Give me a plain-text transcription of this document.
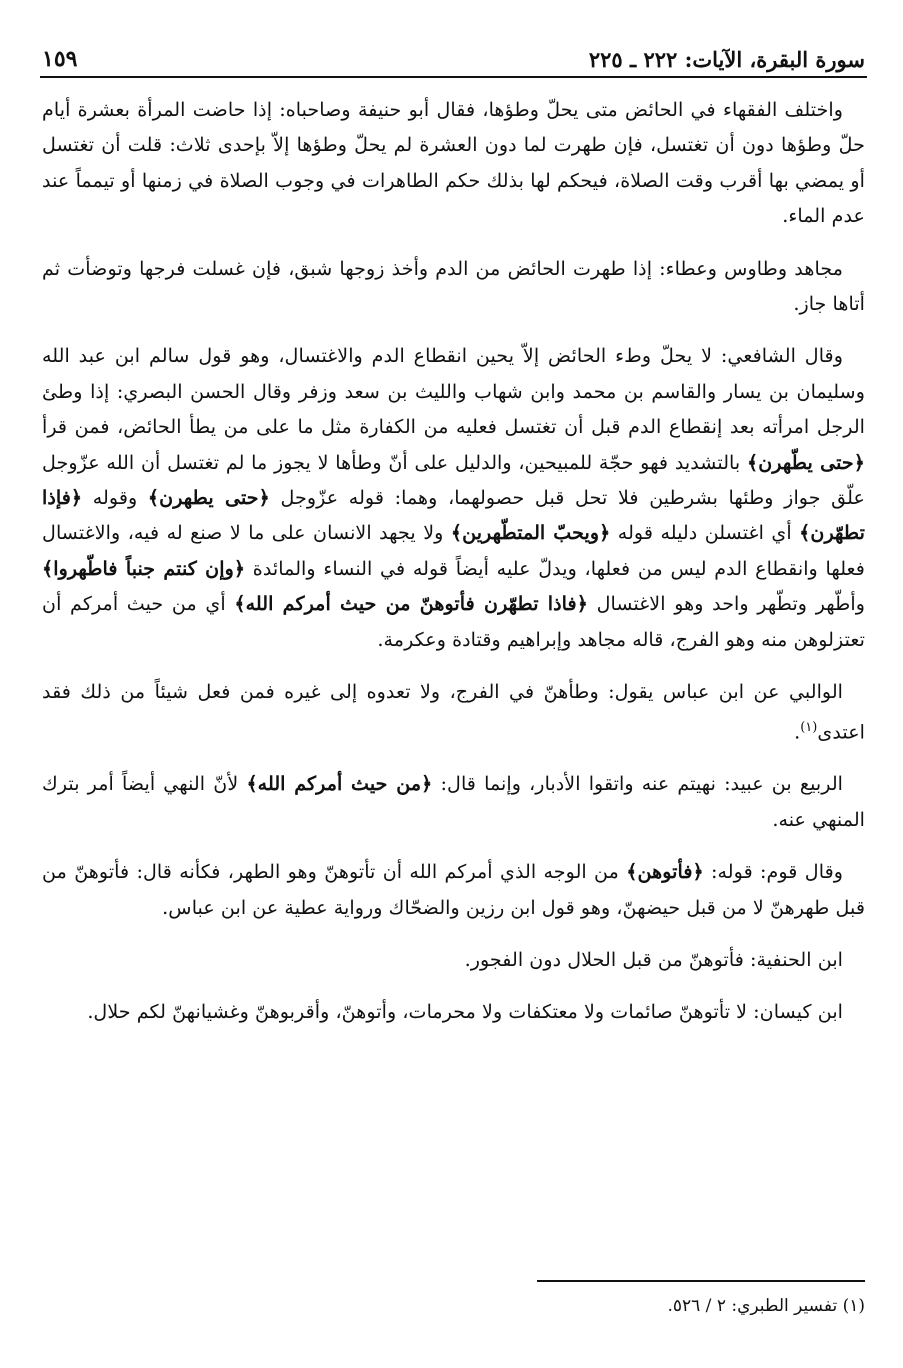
سورة البقرة، الآيات: ٢٢٢ ـ ٢٢٥
١٥٩

واختلف الفقهاء في الحائض متى يحلّ وطؤها، فقال أبو حنيفة وصاحباه: إذا حاضت المرأة بعشرة أيام حلّ وطؤها دون أن تغتسل، فإن طهرت لما دون العشرة لم يحلّ وطؤها إلاّ بإحدى ثلاث: قلت أن تغتسل أو يمضي بها أقرب وقت الصلاة، فيحكم لها بذلك حكم الطاهرات في وجوب الصلاة في زمنها أو تيمماً عند عدم الماء.

مجاهد وطاوس وعطاء: إذا طهرت الحائض من الدم وأخذ زوجها شبق، فإن غسلت فرجها وتوضأت ثم أتاها جاز.

وقال الشافعي: لا يحلّ وطء الحائض إلاّ يحين انقطاع الدم والاغتسال، وهو قول سالم ابن عبد الله وسليمان بن يسار والقاسم بن محمد وابن شهاب والليث بن سعد وزفر وقال الحسن البصري: إذا وطئ الرجل امرأته بعد إنقطاع الدم قبل أن تغتسل فعليه من الكفارة مثل ما على من يطأ الحائض، فمن قرأ ﴿حتى يطّهرن﴾ بالتشديد فهو حجّة للمبيحين، والدليل على أنّ وطأها لا يجوز ما لم تغتسل أن الله عزّوجل علّق جواز وطئها بشرطين فلا تحل قبل حصولهما، وهما: قوله عزّوجل ﴿حتى يطهرن﴾ وقوله ﴿فإذا تطهّرن﴾ أي اغتسلن دليله قوله ﴿ويحبّ المتطّهرين﴾ ولا يجهد الانسان على ما لا صنع له فيه، والاغتسال فعلها وانقطاع الدم ليس من فعلها، ويدلّ عليه أيضاً قوله في النساء والمائدة ﴿وإن كنتم جنباً فاطّهروا﴾ وأطّهر وتطّهر واحد وهو الاغتسال ﴿فاذا تطهّرن فأتوهنّ من حيث أمركم الله﴾ أي من حيث أمركم أن تعتزلوهن منه وهو الفرج، قاله مجاهد وإبراهيم وقتادة وعكرمة.

الوالبي عن ابن عباس يقول: وطأهنّ في الفرج، ولا تعدوه إلى غيره فمن فعل شيئاً من ذلك فقد اعتدى$^{(١)}$.

الربيع بن عبيد: نهيتم عنه واتقوا الأدبار، وإنما قال: ﴿من حيث أمركم الله﴾ لأنّ النهي أيضاً أمر بترك المنهي عنه.

وقال قوم: قوله: ﴿فأتوهن﴾ من الوجه الذي أمركم الله أن تأتوهنّ وهو الطهر، فكأنه قال: فأتوهنّ من قبل طهرهنّ لا من قبل حيضهنّ، وهو قول ابن رزين والضحّاك ورواية عطية عن ابن عباس.

ابن الحنفية: فأتوهنّ من قبل الحلال دون الفجور.

ابن كيسان: لا تأتوهنّ صائمات ولا معتكفات ولا محرمات، وأتوهنّ، وأقربوهنّ وغشيانهنّ لكم حلال.

(١) تفسير الطبري: ٢ / ٥٢٦.
